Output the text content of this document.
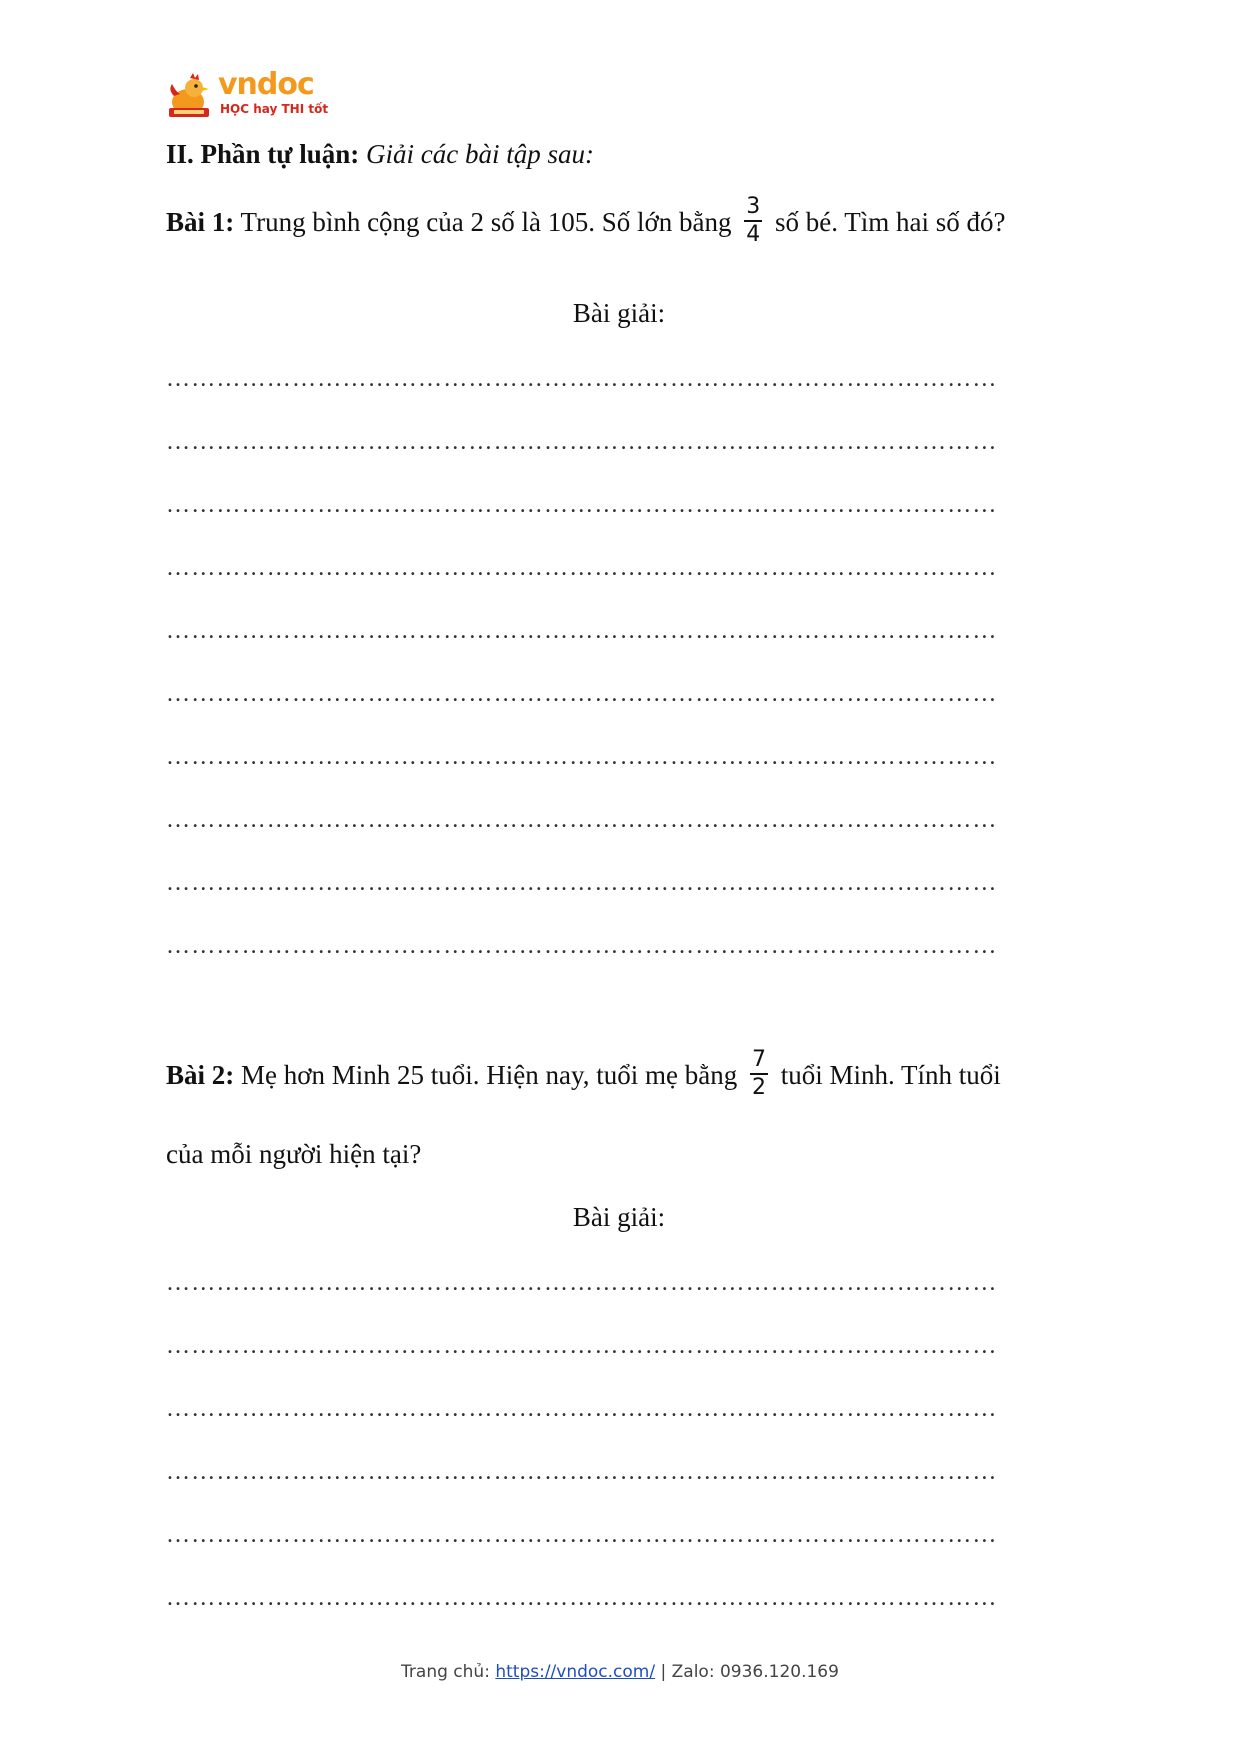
vndoc
HỌC hay THI tốt
II. Phần tự luận: Giải các bài tập sau:
Bài 1: Trung bình cộng của 2 số là 105. Số lớn bằng $\frac{3}{4}$ số bé. Tìm hai số đó?
Bài giải:
………………………………………………………………………………………
………………………………………………………………………………………
………………………………………………………………………………………
………………………………………………………………………………………
………………………………………………………………………………………
………………………………………………………………………………………
………………………………………………………………………………………
………………………………………………………………………………………
………………………………………………………………………………………
………………………………………………………………………………………
Bài 2: Mẹ hơn Minh 25 tuổi. Hiện nay, tuổi mẹ bằng $\frac{7}{2}$ tuổi Minh. Tính tuổi
của mỗi người hiện tại?
Bài giải:
………………………………………………………………………………………
………………………………………………………………………………………
………………………………………………………………………………………
………………………………………………………………………………………
………………………………………………………………………………………
………………………………………………………………………………………
Trang chủ: https://vndoc.com/ | Zalo: 0936.120.169
